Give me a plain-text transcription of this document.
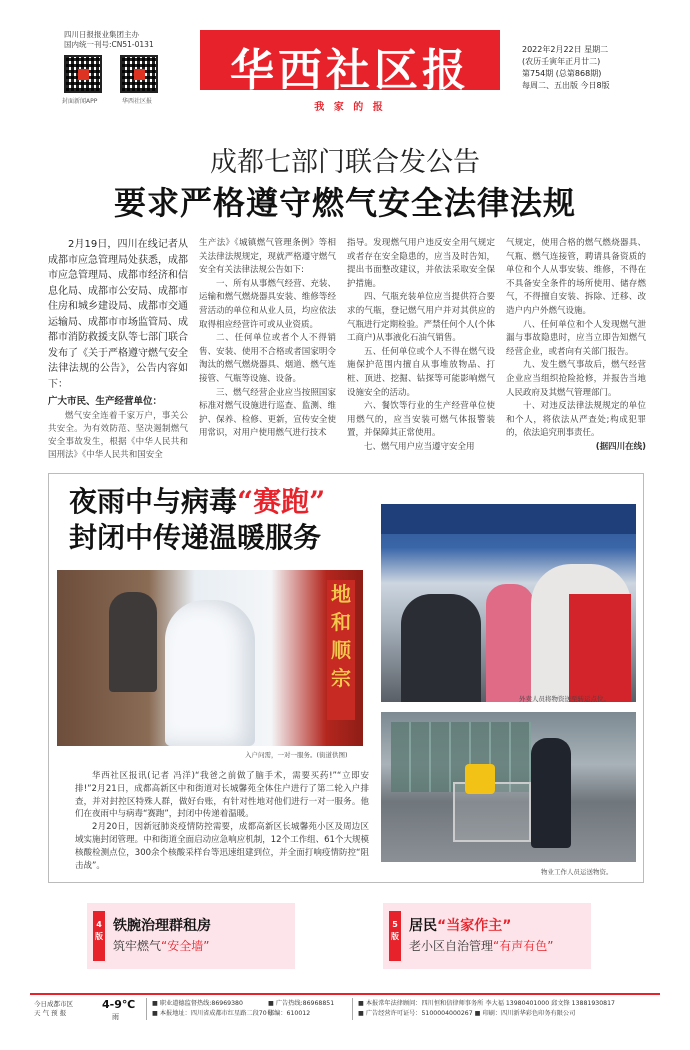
四川日报报业集团主办
国内统一刊号:CN51-0131
封面新闻APP	华西社区报
华西社区报
我 家 的 报
2022年2月22日 星期二
(农历壬寅年正月廿二)
第754期 (总第868期)
每周二、五出版 今日8版
成都七部门联合发公告
要求严格遵守燃气安全法律法规

2月19日，四川在线记者从成都市应急管理局处获悉，成都市应急管理局、成都市经济和信息化局、成都市公安局、成都市住房和城乡建设局、成都市交通运输局、成都市市场监管局、成都市消防救援支队等七部门联合发布了《关于严格遵守燃气安全法律法规的公告》，公告内容如下：

广大市民、生产经营单位：

燃气安全连着千家万户，事关公共安全。为有效防范、坚决遏制燃气安全事故发生，根据《中华人民共和国刑法》《中华人民共和国安全

生产法》《城镇燃气管理条例》等相关法律法规规定，现就严格遵守燃气安全有关法律法规公告如下:

一、所有从事燃气经营、充装、运输和燃气燃烧器具安装、维修等经营活动的单位和从业人员，均应依法取得相应经营许可或从业资质。

二、任何单位或者个人不得销售、安装、使用不合格或者国家明令淘汰的燃气燃烧器具、烟道、燃气连接管、气瓶等设施、设备。

三、燃气经营企业应当按照国家标准对燃气设施进行巡查、监测、维护、保养、检修、更新，宣传安全使用常识，对用户使用燃气进行技术

指导。发现燃气用户违反安全用气规定或者存在安全隐患的，应当及时告知，提出书面整改建议，并依法采取安全保护措施。

四、气瓶充装单位应当提供符合要求的气瓶，登记燃气用户并对其供应的气瓶进行定期检验。严禁任何个人(个体工商户)从事液化石油气销售。

五、任何单位或个人不得在燃气设施保护范围内擅自从事堆放物品、打桩、顶进、挖掘、钻探等可能影响燃气设施安全的活动。

六、餐饮等行业的生产经营单位使用燃气的，应当安装可燃气体报警装置，并保障其正常使用。

七、燃气用户应当遵守安全用

气规定，使用合格的燃气燃烧器具、气瓶、燃气连接管，聘请具备资质的单位和个人从事安装、维修，不得在不具备安全条件的场所使用、储存燃气，不得擅自安装、拆除、迁移、改造户内户外燃气设施。

八、任何单位和个人发现燃气泄漏与事故隐患时，应当立即告知燃气经营企业，或者向有关部门报告。

九、发生燃气事故后，燃气经营企业应当组织抢险抢修，并报告当地人民政府及其燃气管理部门。

十、对违反法律法规规定的单位和个人，将依法从严查处;构成犯罪的，依法追究刑事责任。

(据四川在线)

夜雨中与病毒“赛跑”
封闭中传递温暖服务
地和顺宗
入户问需，一对一服务。(街道供图)
外卖人员将物资送至转运点位。
物业工作人员运送物资。

华西社区报讯(记者 冯洋)“我爸之前做了脑手术，需要买药!”“立即安排!”2月21日，成都高新区中和街道对长城馨苑全体住户进行了第二轮入户排查，并对封控区特殊人群，做好台账，有针对性地对他们进行一对一服务。他们在夜雨中与病毒“赛跑”，封闭中传递着温暖。

2月20日，因新冠肺炎疫情防控需要，成都高新区长城馨苑小区及周边区域实施封闭管理。中和街道全面启动应急响应机制，12个工作组、61个大规模核酸检测点位，300余个核酸采样台等迅速组建到位，并全面打响疫情防控“阻击战”。

4版
铁腕治理群租房
筑牢燃气“安全墙”
5版
居民“当家作主”
老小区自治管理“有声有色”
今日成都市区
天 气 预 报
4-9℃
雨
■ 职业道德监督热线:86969380
■ 本报地址：四川省成都市红星路二段70号
■ 广告热线:86968851
邮编：610012
■ 本报常年法律顾问：四川恒和信律师事务所 李大福 13980401000 邱文锋 13881930817
■ 广告经营许可证号：5100004000267 ■ 印刷：四川新华彩色印务有限公司
